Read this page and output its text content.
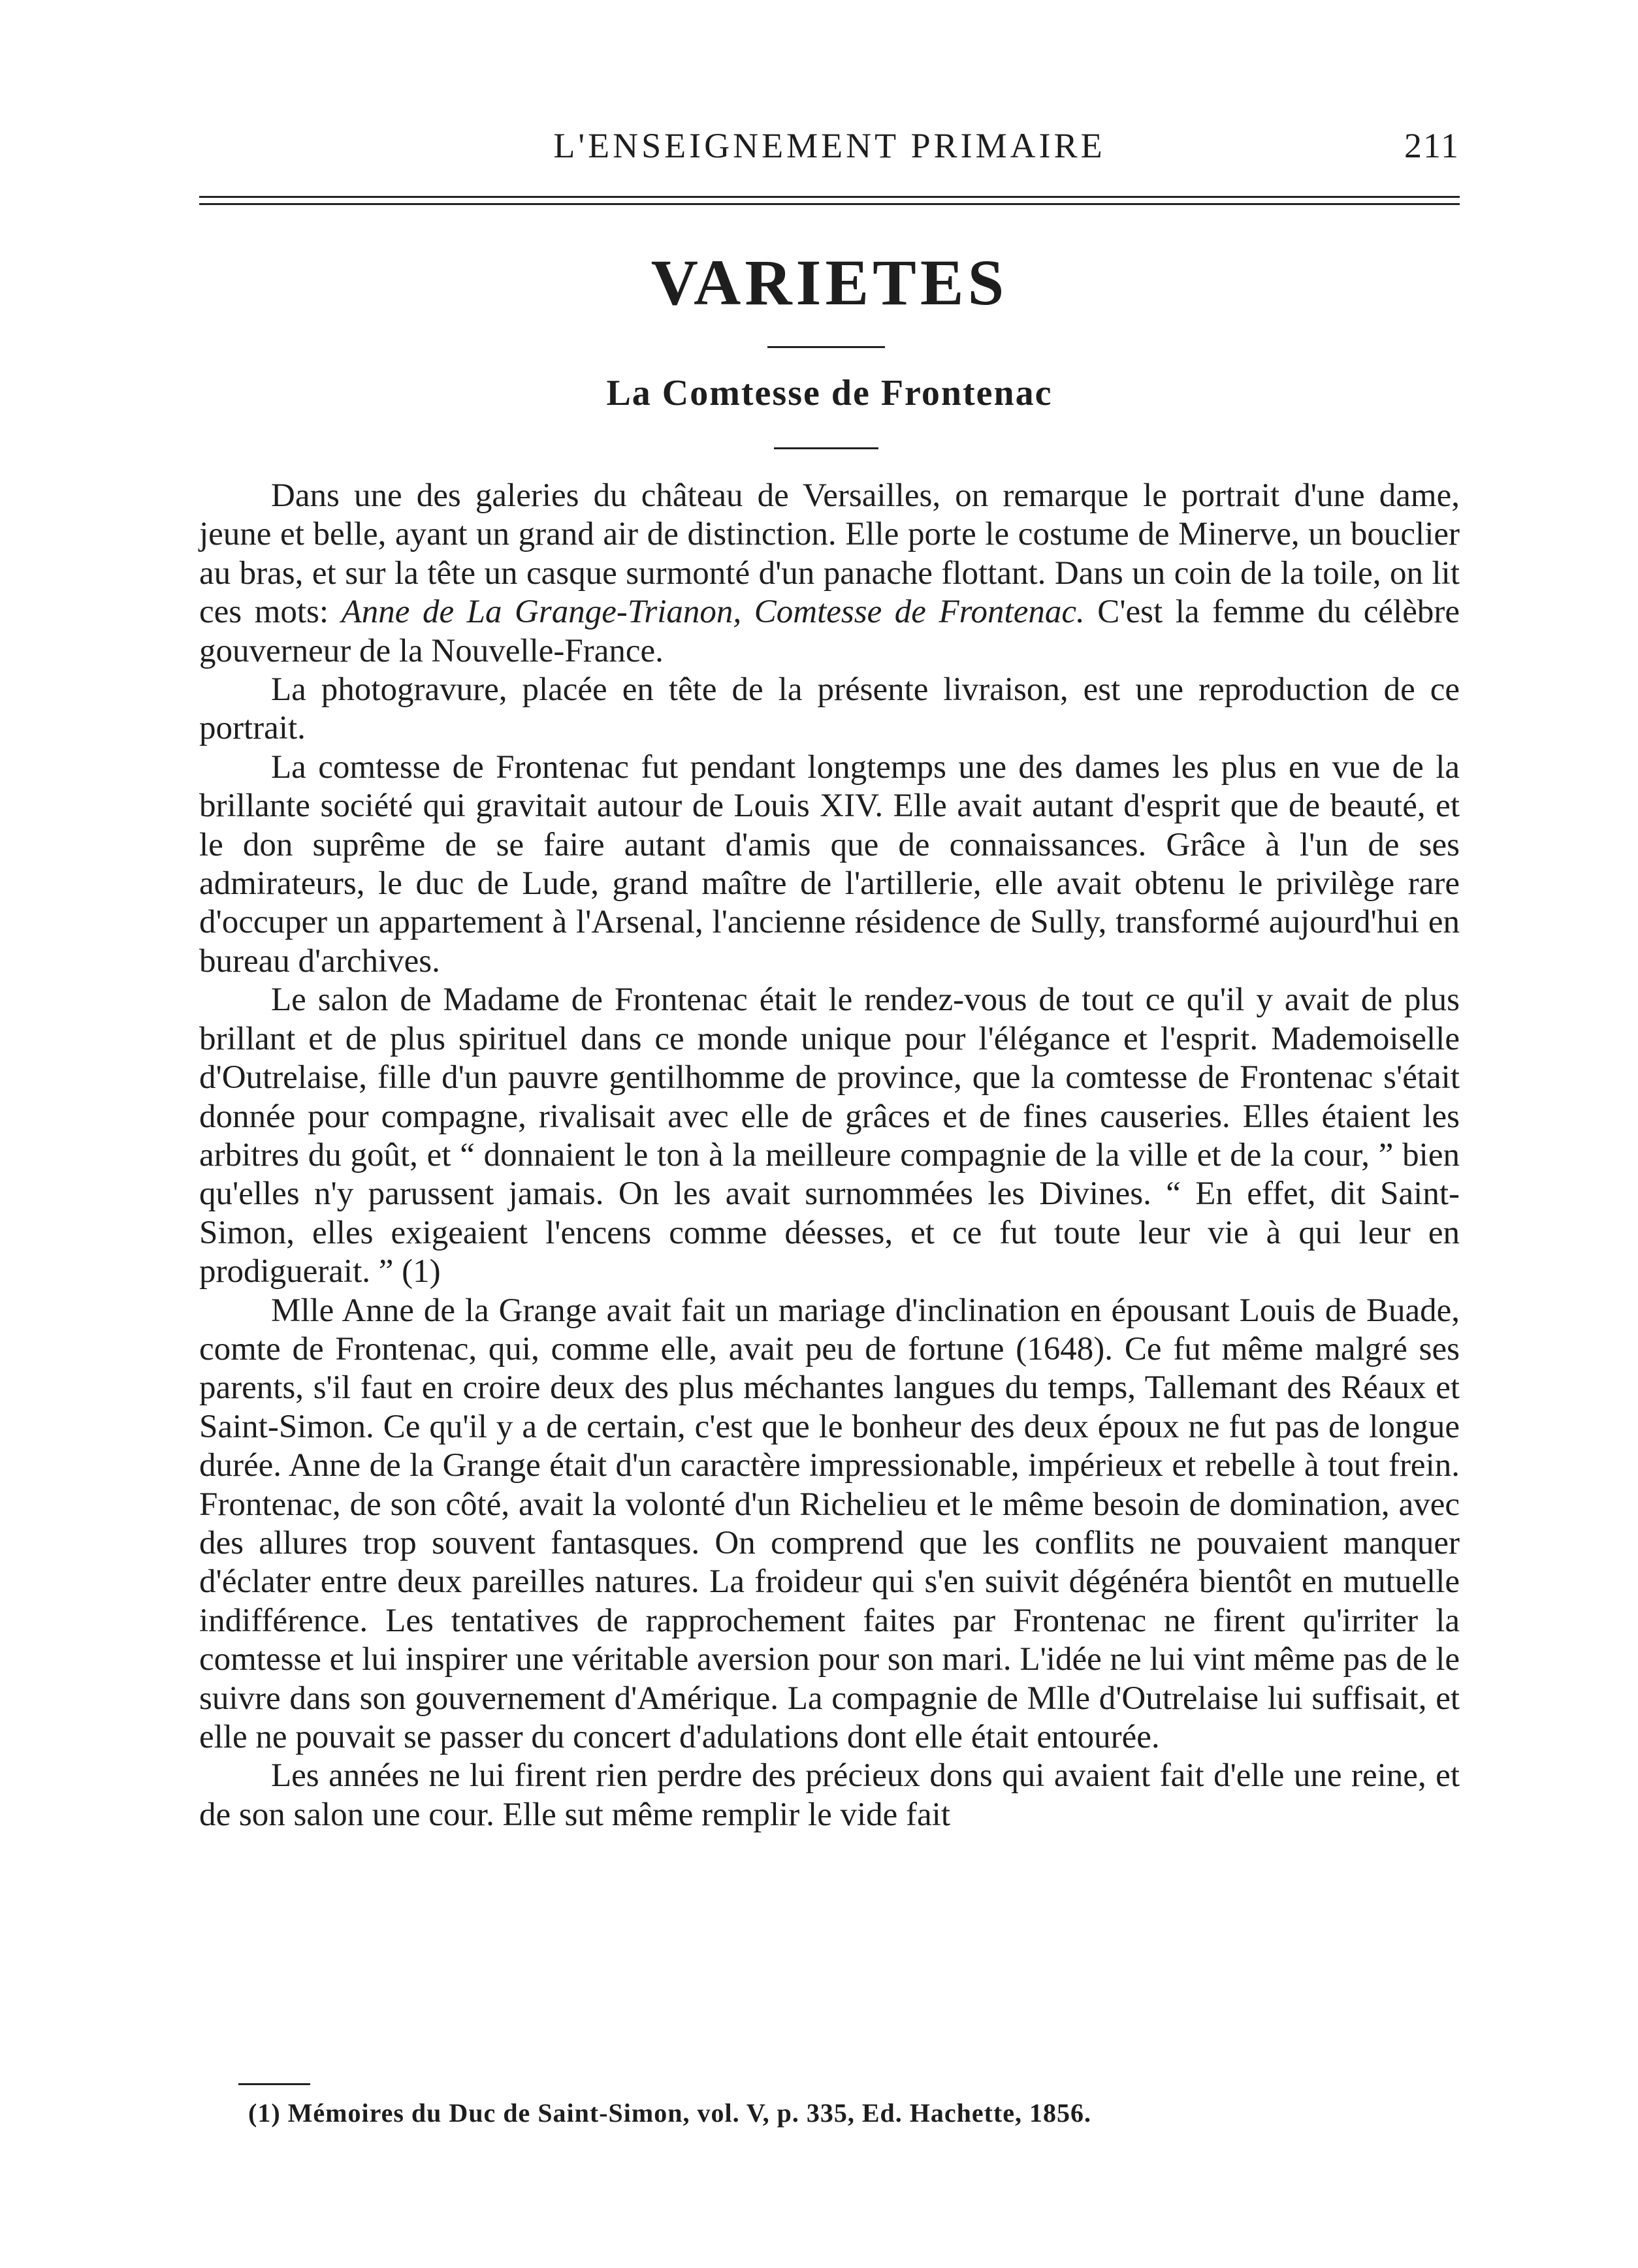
L'ENSEIGNEMENT PRIMAIRE	211
VARIETES
La Comtesse de Frontenac

Dans une des galeries du château de Versailles, on remarque le portrait d'une dame, jeune et belle, ayant un grand air de distinction. Elle porte le costume de Minerve, un bouclier au bras, et sur la tête un casque surmonté d'un panache flottant. Dans un coin de la toile, on lit ces mots: Anne de La Grange-Trianon, Comtesse de Frontenac. C'est la femme du célèbre gouverneur de la Nouvelle-France.

La photogravure, placée en tête de la présente livraison, est une reproduction de ce portrait.

La comtesse de Frontenac fut pendant longtemps une des dames les plus en vue de la brillante société qui gravitait autour de Louis XIV. Elle avait autant d'esprit que de beauté, et le don suprême de se faire autant d'amis que de connaissances. Grâce à l'un de ses admirateurs, le duc de Lude, grand maître de l'artillerie, elle avait obtenu le privilège rare d'occuper un appartement à l'Arsenal, l'ancienne résidence de Sully, transformé aujourd'hui en bureau d'archives.

Le salon de Madame de Frontenac était le rendez-vous de tout ce qu'il y avait de plus brillant et de plus spirituel dans ce monde unique pour l'élégance et l'esprit. Mademoiselle d'Outrelaise, fille d'un pauvre gentilhomme de province, que la comtesse de Frontenac s'était donnée pour compagne, rivalisait avec elle de grâces et de fines causeries. Elles étaient les arbitres du goût, et “ donnaient le ton à la meilleure compagnie de la ville et de la cour, ” bien qu'elles n'y parussent jamais. On les avait surnommées les Divines. “ En effet, dit Saint-Simon, elles exigeaient l'encens comme déesses, et ce fut toute leur vie à qui leur en prodiguerait. ” (1)

Mlle Anne de la Grange avait fait un mariage d'inclination en épousant Louis de Buade, comte de Frontenac, qui, comme elle, avait peu de fortune (1648). Ce fut même malgré ses parents, s'il faut en croire deux des plus méchantes langues du temps, Tallemant des Réaux et Saint-Simon. Ce qu'il y a de certain, c'est que le bonheur des deux époux ne fut pas de longue durée. Anne de la Grange était d'un caractère impressionable, impérieux et rebelle à tout frein. Frontenac, de son côté, avait la volonté d'un Richelieu et le même besoin de domination, avec des allures trop souvent fantasques. On comprend que les conflits ne pouvaient manquer d'éclater entre deux pareilles natures. La froideur qui s'en suivit dégénéra bientôt en mutuelle indifférence. Les tentatives de rapprochement faites par Frontenac ne firent qu'irriter la comtesse et lui inspirer une véritable aversion pour son mari. L'idée ne lui vint même pas de le suivre dans son gouvernement d'Amérique. La compagnie de Mlle d'Outrelaise lui suffisait, et elle ne pouvait se passer du concert d'adulations dont elle était entourée.

Les années ne lui firent rien perdre des précieux dons qui avaient fait d'elle une reine, et de son salon une cour. Elle sut même remplir le vide fait

(1) Mémoires du Duc de Saint-Simon, vol. V, p. 335, Ed. Hachette, 1856.
